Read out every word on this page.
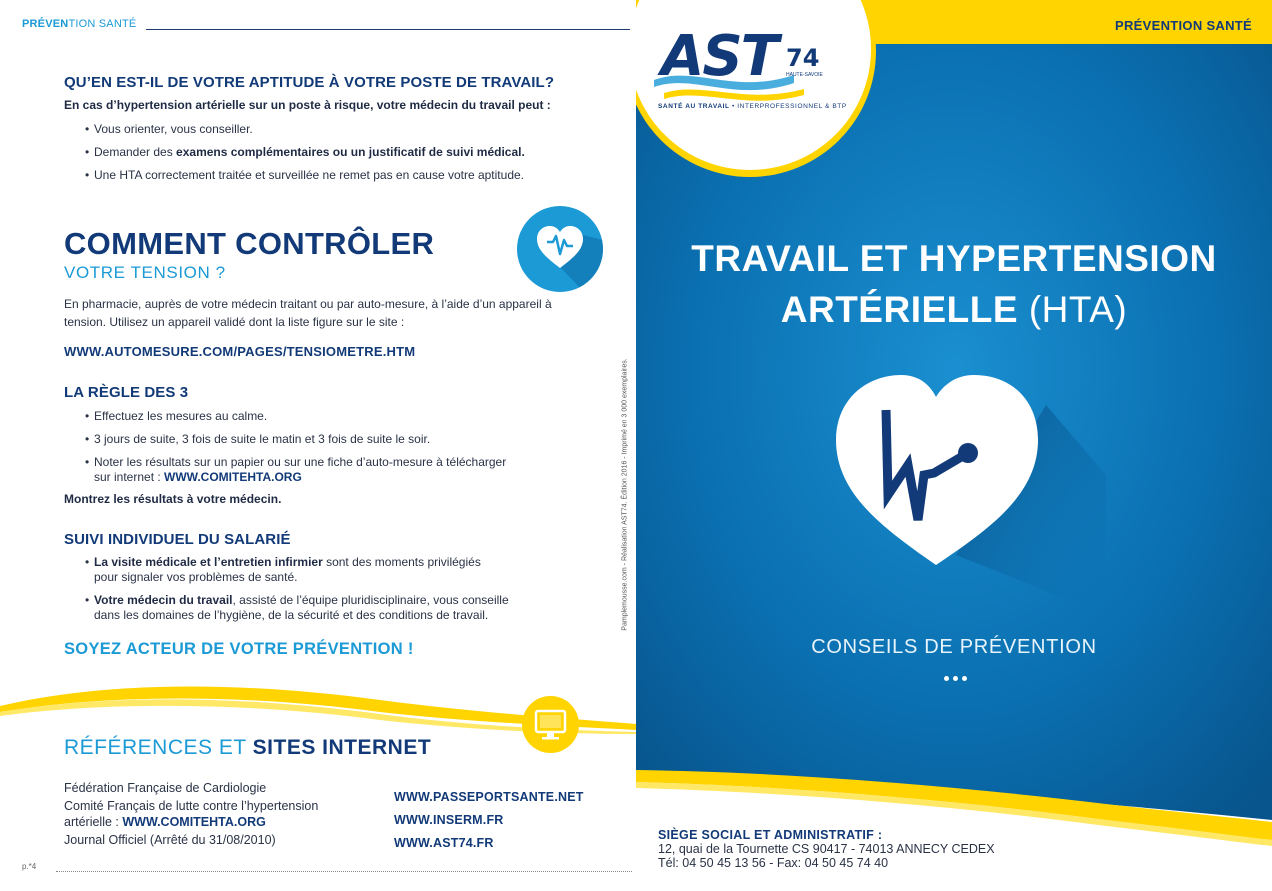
PRÉVENTION SANTÉ
QU’EN EST-IL DE VOTRE APTITUDE À VOTRE POSTE DE TRAVAIL?
En cas d’hypertension artérielle sur un poste à risque, votre médecin du travail peut :
• Vous orienter, vous conseiller.
• Demander des examens complémentaires ou un justificatif de suivi médical.
• Une HTA correctement traitée et surveillée ne remet pas en cause votre aptitude.
COMMENT CONTRÔLER
VOTRE TENSION ?
En pharmacie, auprès de votre médecin traitant ou par auto-mesure, à l’aide d’un appareil à tension. Utilisez un appareil validé dont la liste figure sur le site :
WWW.AUTOMESURE.COM/PAGES/TENSIOMETRE.HTM
LA RÈGLE DES 3
• Effectuez les mesures au calme.
• 3 jours de suite, 3 fois de suite le matin et 3 fois de suite le soir.
• Noter les résultats sur un papier ou sur une fiche d’auto-mesure à télécharger
sur internet : WWW.COMITEHTA.ORG
Montrez les résultats à votre médecin.
SUIVI INDIVIDUEL DU SALARIÉ
• La visite médicale et l’entretien infirmier sont des moments privilégiés
pour signaler vos problèmes de santé.
• Votre médecin du travail, assisté de l’équipe pluridisciplinaire, vous conseille
dans les domaines de l’hygiène, de la sécurité et des conditions de travail.
SOYEZ ACTEUR DE VOTRE PRÉVENTION !
Pamplemousse.com - Réalisation AST74. Édition 2016 - Imprimé en 3 000 exemplaires.
RÉFÉRENCES ET SITES INTERNET
Fédération Française de Cardiologie
Comité Français de lutte contre l’hypertension
artérielle : WWW.COMITEHTA.ORG
Journal Officiel (Arrêté du 31/08/2010)
WWW.PASSEPORTSANTE.NET
WWW.INSERM.FR
WWW.AST74.FR
p.*4
PRÉVENTION SANTÉ
AST 74
HAUTE-SAVOIE
SANTÉ AU TRAVAIL • INTERPROFESSIONNEL & BTP
TRAVAIL ET HYPERTENSION
ARTÉRIELLE (HTA)
CONSEILS DE PRÉVENTION
SIÈGE SOCIAL ET ADMINISTRATIF :
12, quai de la Tournette CS 90417 - 74013 ANNECY CEDEX
Tél: 04 50 45 13 56 - Fax: 04 50 45 74 40
